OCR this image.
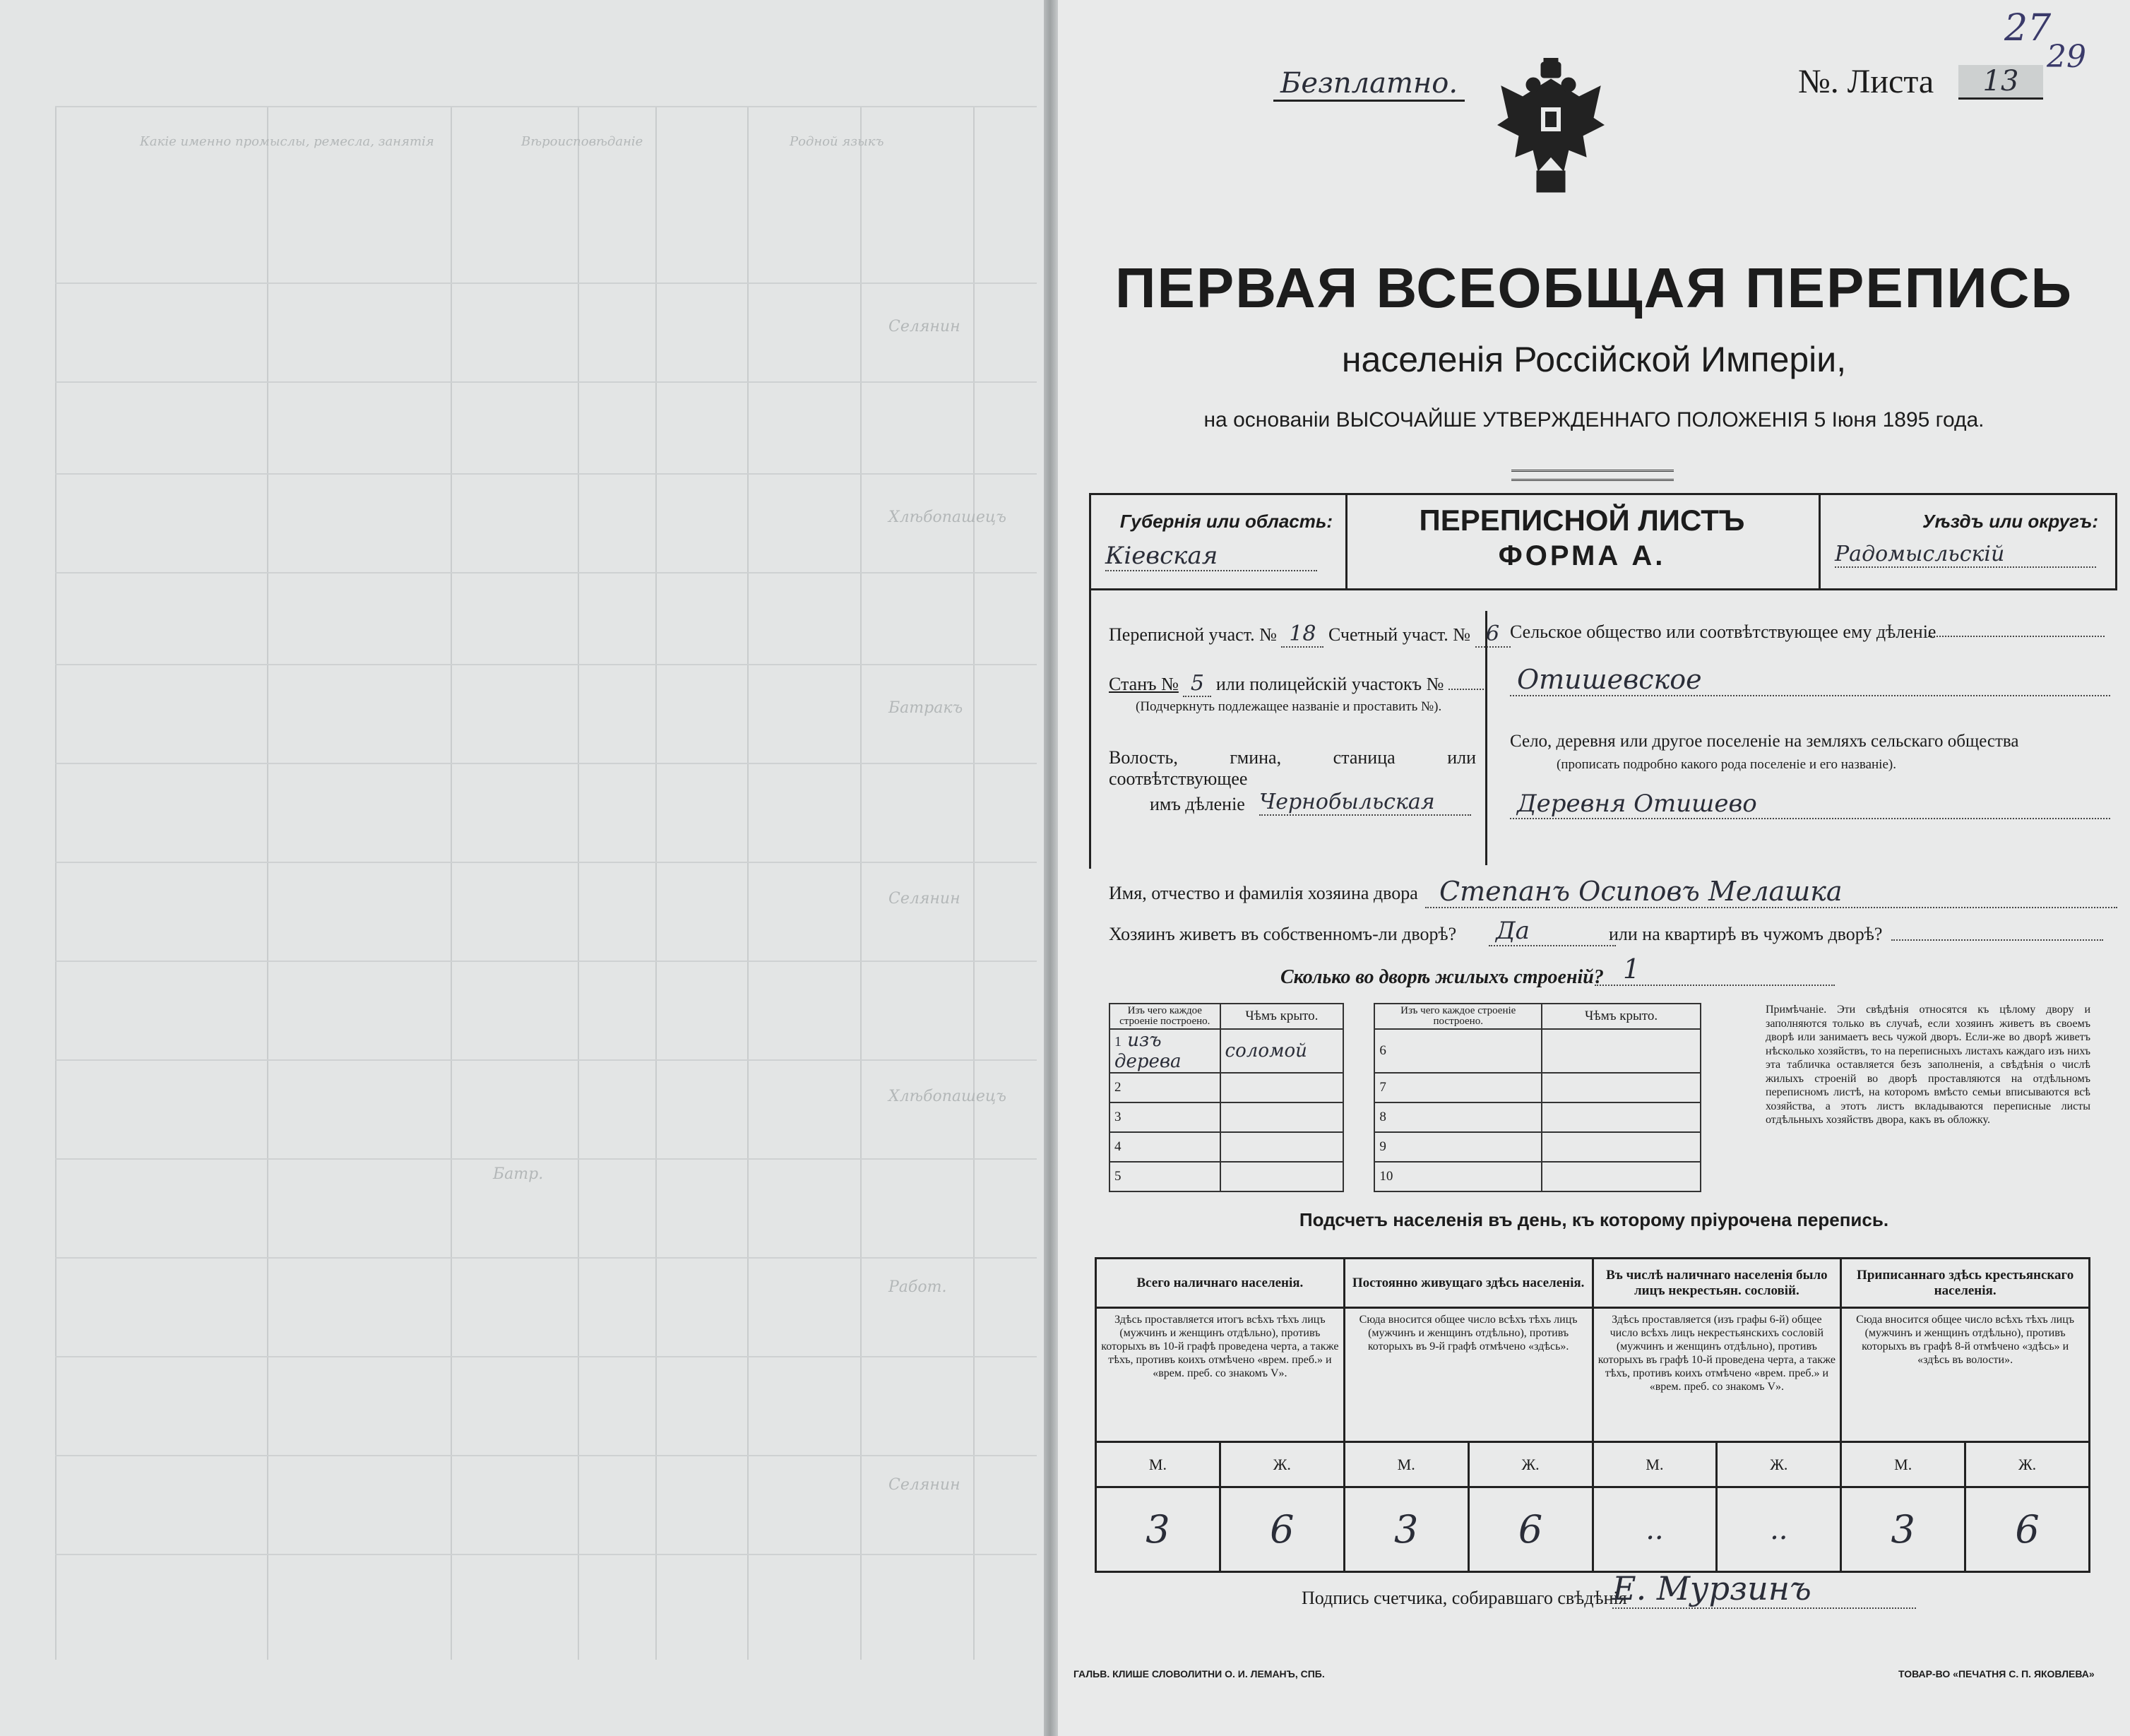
Какіе именно промыслы, ремесла, занятія	Вѣроисповѣданіе	Родной языкъ
Селянин
Хлѣбопашецъ
Батракъ
Селянин
Хлѣбопашецъ
Работ.
Селянин
Батр.
Безплатно.	№. Листа	13
27
29
ПЕРВАЯ ВСЕОБЩАЯ ПЕРЕПИСЬ
населенія Россійской Имперіи,
на основаніи ВЫСОЧАЙШЕ УТВЕРЖДЕННАГО ПОЛОЖЕНІЯ 5 Іюня 1895 года.
Губернія или область:
Кіевская
ПЕРЕПИСНОЙ ЛИСТЪ
ФОРМА А.
Уѣздъ или округъ:
Радомысльскій
Переписной участ. № 18 Счетный участ. № 6
Станъ № 5 или полицейскій участокъ №
(Подчеркнуть подлежащее названіе и проставить №).
Волость, гмина, станица или соотвѣтствующее
имъ дѣленіе Чернобыльская
Сельское общество или соотвѣтствующее ему дѣленіе
Отишевское
Село, деревня или другое поселеніе на земляхъ сельскаго общества
(прописать подробно какого рода поселеніе и его названіе).
Деревня Отишево
Имя, отчество и фамилія хозяина двора Степанъ Осиповъ Мелашка
Хозяинъ живетъ въ собственномъ-ли дворѣ? Да	или на квартирѣ въ чужомъ дворѣ?
Сколько во дворѣ жилыхъ строеній? 1
Изъ чего каждое строеніе построено.	Чѣмъ крыто.		Изъ чего каждое строеніе построено.	Чѣмъ крыто.	
1 изъ дерева	соломой		6		
2			7		
3			8		
4			9		
5			10		
Примѣчаніе. Эти свѣдѣнія относятся къ цѣлому двору и заполняются только въ случаѣ, если хозяинъ живетъ въ своемъ дворѣ или занимаетъ весь чужой дворъ. Если-же во дворѣ живетъ нѣсколько хозяйствъ, то на переписныхъ листахъ каждаго изъ нихъ эта табличка оставляется безъ заполненія, а свѣдѣнія о числѣ жилыхъ строеній во дворѣ проставляются на отдѣльномъ переписномъ листѣ, на которомъ вмѣсто семьи вписываются всѣ хозяйства, а этотъ листъ вкладываются переписные листы отдѣльныхъ хозяйствъ двора, какъ въ обложку.
Подсчетъ населенія въ день, къ которому пріурочена перепись.
Всего наличнаго населенія.		Постоянно живущаго здѣсь населенія.		Въ числѣ наличнаго населенія было лицъ некрестьян. сословій.		Приписаннаго здѣсь крестьянскаго населенія.	
Здѣсь проставляется итогъ всѣхъ тѣхъ лицъ (мужчинъ и женщинъ отдѣльно), противъ которыхъ въ 10-й графѣ проведена черта, а также тѣхъ, противъ коихъ отмѣчено «врем. преб.» и «врем. преб. со знакомъ V».		Сюда вносится общее число всѣхъ тѣхъ лицъ (мужчинъ и женщинъ отдѣльно), противъ которыхъ въ 9-й графѣ отмѣчено «здѣсь».		Здѣсь проставляется (изъ графы 6-й) общее число всѣхъ лицъ некрестьянскихъ сословій (мужчинъ и женщинъ отдѣльно), противъ которыхъ въ графѣ 10-й проведена черта, а также тѣхъ, противъ коихъ отмѣчено «врем. преб.» и «врем. преб. со знакомъ V».		Сюда вносится общее число всѣхъ тѣхъ лицъ (мужчинъ и женщинъ отдѣльно), противъ которыхъ въ графѣ 8-й отмѣчено «здѣсь» и «здѣсь въ волости».	
М.	Ж.	М.	Ж.	М.	Ж.	М.	Ж.
3	6	3	6	..	..	3	6
Подпись счетчика, собиравшаго свѣдѣнія
Е. Мурзинъ
ГАЛЬВ. КЛИШЕ СЛОВОЛИТНИ О. И. ЛЕМАНЪ, СПБ.	ТОВАР-ВО «ПЕЧАТНЯ С. П. ЯКОВЛЕВА»
